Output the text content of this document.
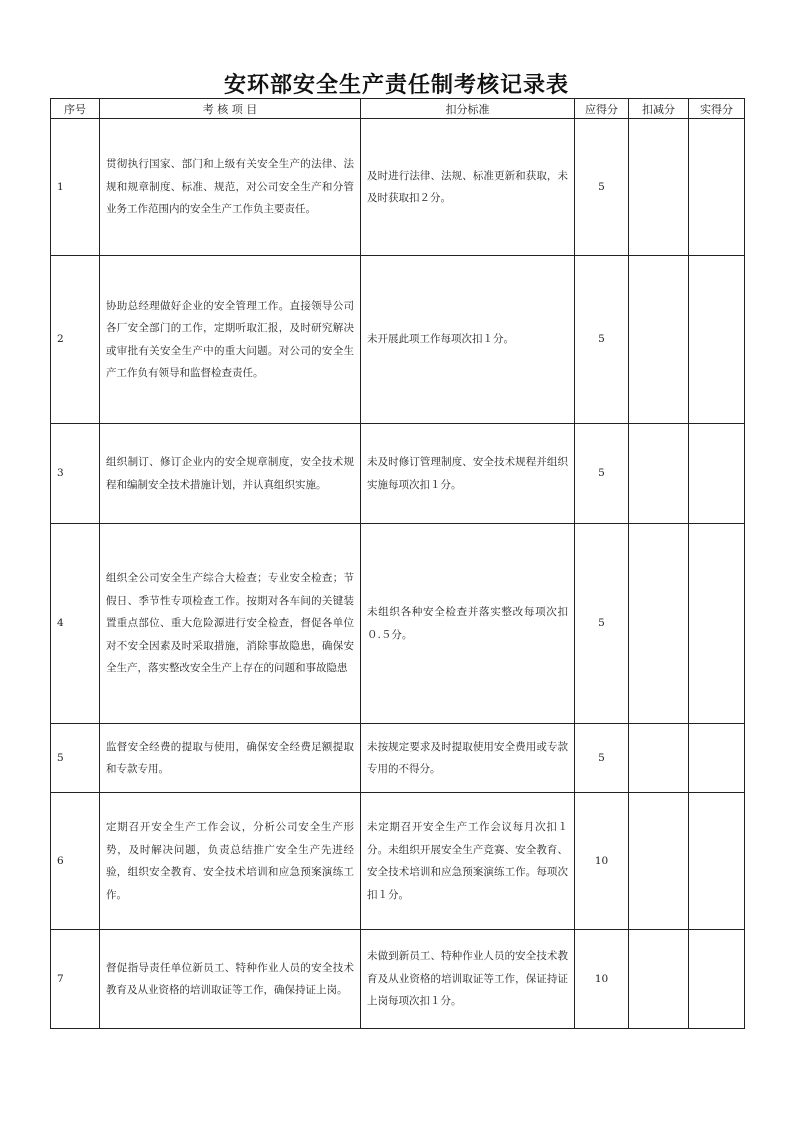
安环部安全生产责任制考核记录表
序号	考 核 项 目	扣分标准	应得分	扣减分	实得分
1	贯彻执行国家、部门和上级有关安全生产的法律、法规和规章制度、标准、规范，对公司安全生产和分管业务工作范围内的安全生产工作负主要责任。	及时进行法律、法规、标准更新和获取，未及时获取扣２分。	5		
2	协助总经理做好企业的安全管理工作。直接领导公司各厂安全部门的工作，定期听取汇报，及时研究解决或审批有关安全生产中的重大问题。对公司的安全生产工作负有领导和监督检查责任。	未开展此项工作每项次扣１分。	5		
3	组织制订、修订企业内的安全规章制度，安全技术规程和编制安全技术措施计划，并认真组织实施。	未及时修订管理制度、安全技术规程并组织实施每项次扣１分。	5		
4	组织全公司安全生产综合大检查；专业安全检查；节假日、季节性专项检查工作。按期对各车间的关键装置重点部位、重大危险源进行安全检查，督促各单位对不安全因素及时采取措施，消除事故隐患，确保安全生产，落实整改安全生产上存在的问题和事故隐患	未组织各种安全检查并落实整改每项次扣０.５分。	5		
5	监督安全经费的提取与使用，确保安全经费足额提取和专款专用。	未按规定要求及时提取使用安全费用或专款专用的不得分。	5		
6	定期召开安全生产工作会议，分析公司安全生产形势，及时解决问题，负责总结推广安全生产先进经验，组织安全教育、安全技术培训和应急预案演练工作。	未定期召开安全生产工作会议每月次扣１分。未组织开展安全生产竞赛、安全教育、安全技术培训和应急预案演练工作。每项次扣１分。	10		
7	督促指导责任单位新员工、特种作业人员的安全技术教育及从业资格的培训取证等工作，确保持证上岗。	未做到新员工、特种作业人员的安全技术教育及从业资格的培训取证等工作，保证持证上岗每项次扣１分。	10		
